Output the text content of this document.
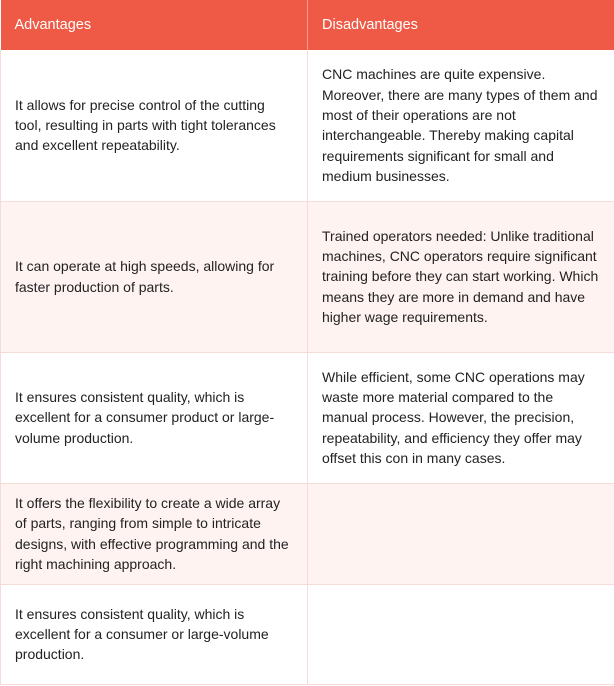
Advantages	Disadvantages
It allows for precise control of the cutting tool, resulting in parts with tight tolerances and excellent repeatability.	CNC machines are quite expensive. Moreover, there are many types of them and most of their operations are not interchangeable. Thereby making capital requirements significant for small and medium businesses.
It can operate at high speeds, allowing for faster production of parts.	Trained operators needed: Unlike traditional machines, CNC operators require significant training before they can start working. Which means they are more in demand and have higher wage requirements.
It ensures consistent quality, which is excellent for a consumer product or large-volume production.	While efficient, some CNC operations may waste more material compared to the manual process. However, the precision, repeatability, and efficiency they offer may offset this con in many cases.
It offers the flexibility to create a wide array of parts, ranging from simple to intricate designs, with effective programming and the right machining approach.	
It ensures consistent quality, which is excellent for a consumer or large-volume production.	
